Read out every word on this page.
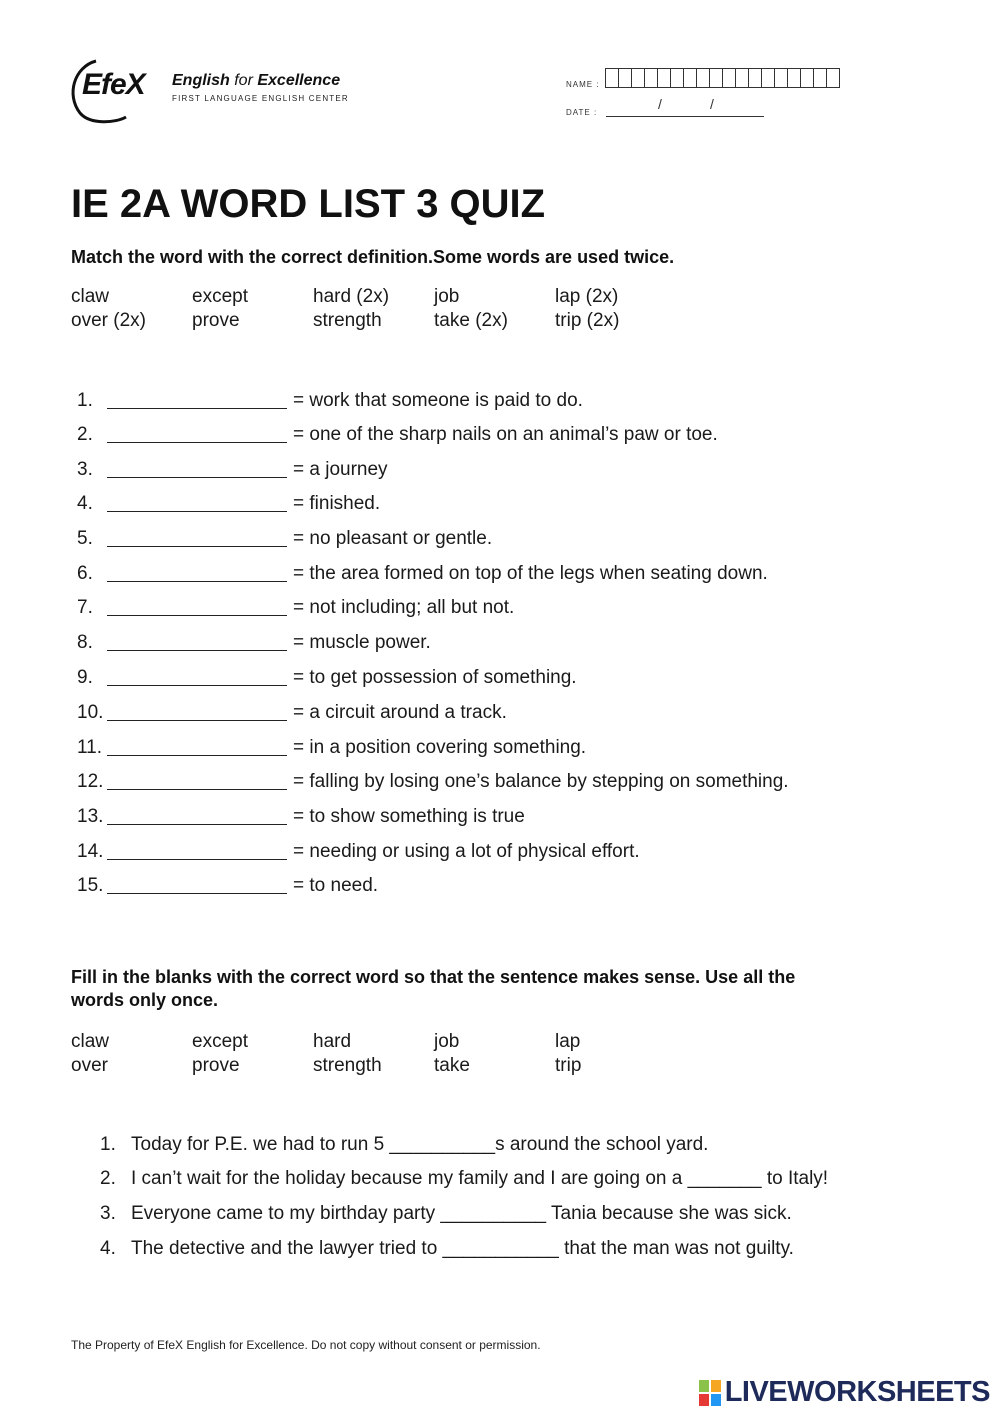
EfeX English for Excellence
FIRST LANGUAGE ENGLISH CENTER
NAME :
DATE :
/	/
IE 2A WORD LIST 3 QUIZ
Match the word with the correct definition.Some words are used twice.
claw	except	hard (2x)	job	lap (2x)
over (2x)	prove	strength	take (2x)	trip (2x)
1.	= work that someone is paid to do.
2.	= one of the sharp nails on an animal’s paw or toe.
3.	= a journey
4.	= finished.
5.	= no pleasant or gentle.
6.	= the area formed on top of the legs when seating down.
7.	= not including; all but not.
8.	= muscle power.
9.	= to get possession of something.
10.	= a circuit around a track.
11.	= in a position covering something.
12.	= falling by losing one’s balance by stepping on something.
13.	= to show something is true
14.	= needing or using a lot of physical effort.
15.	= to need.
Fill in the blanks with the correct word so that the sentence makes sense. Use all the
words only once.
claw	except	hard	job	lap
over	prove	strength	take	trip
1. Today for P.E. we had to run 5 __________s around the school yard.
2. I can’t wait for the holiday because my family and I are going on a _______ to Italy!
3. Everyone came to my birthday party __________ Tania because she was sick.
4. The detective and the lawyer tried to ___________ that the man was not guilty.
The Property of EfeX English for Excellence. Do not copy without consent or permission.
LIVEWORKSHEETS
